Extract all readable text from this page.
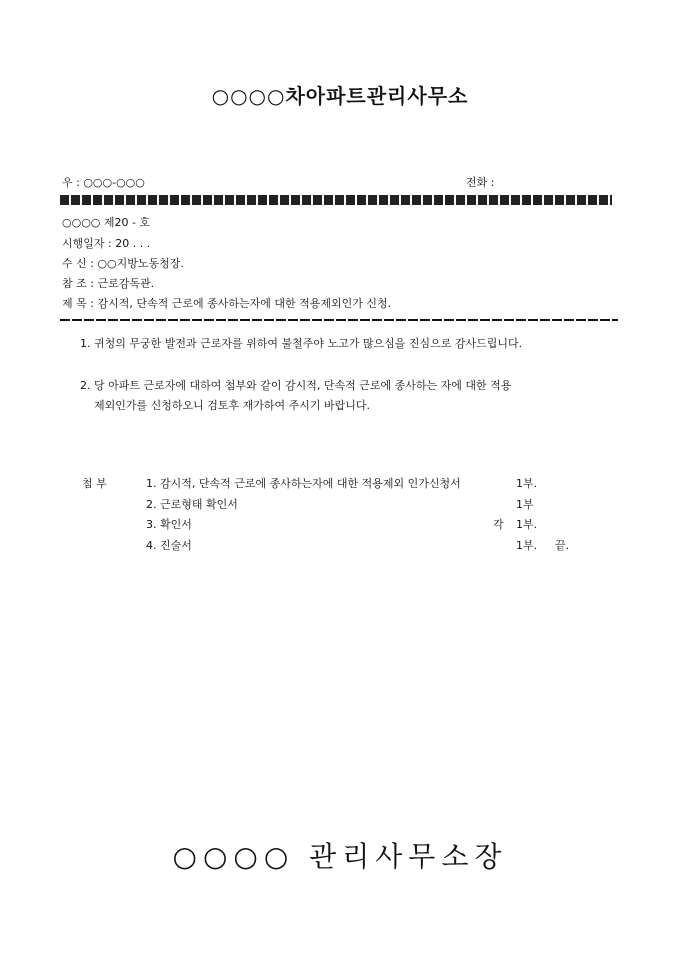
○○○○차아파트관리사무소
우 : ○○○-○○○	전화 :
○○○○ 제20 - 호
시행일자 : 20 . . .
수 신 : ○○지방노동청장.
참 조 : 근로감독관.
제 목 : 감시적, 단속적 근로에 종사하는자에 대한 적용제외인가 신청.
1. 귀청의 무궁한 발전과 근로자를 위하여 불철주야 노고가 많으심을 진심으로 감사드립니다.
2. 당 아파트 근로자에 대하여 첨부와 같이 감시적, 단속적 근로에 종사하는 자에 대한 적용
제외인가를 신청하오니 검토후 재가하여 주시기 바랍니다.
첨 부	1. 감시적, 단속적 근로에 종사하는자에 대한 적용제외 인가신청서	1부.
2. 근로형태 확인서	1부
3. 확인서	각 1부.
4. 진술서	1부. 끝.
○○○○ 관리사무소장
